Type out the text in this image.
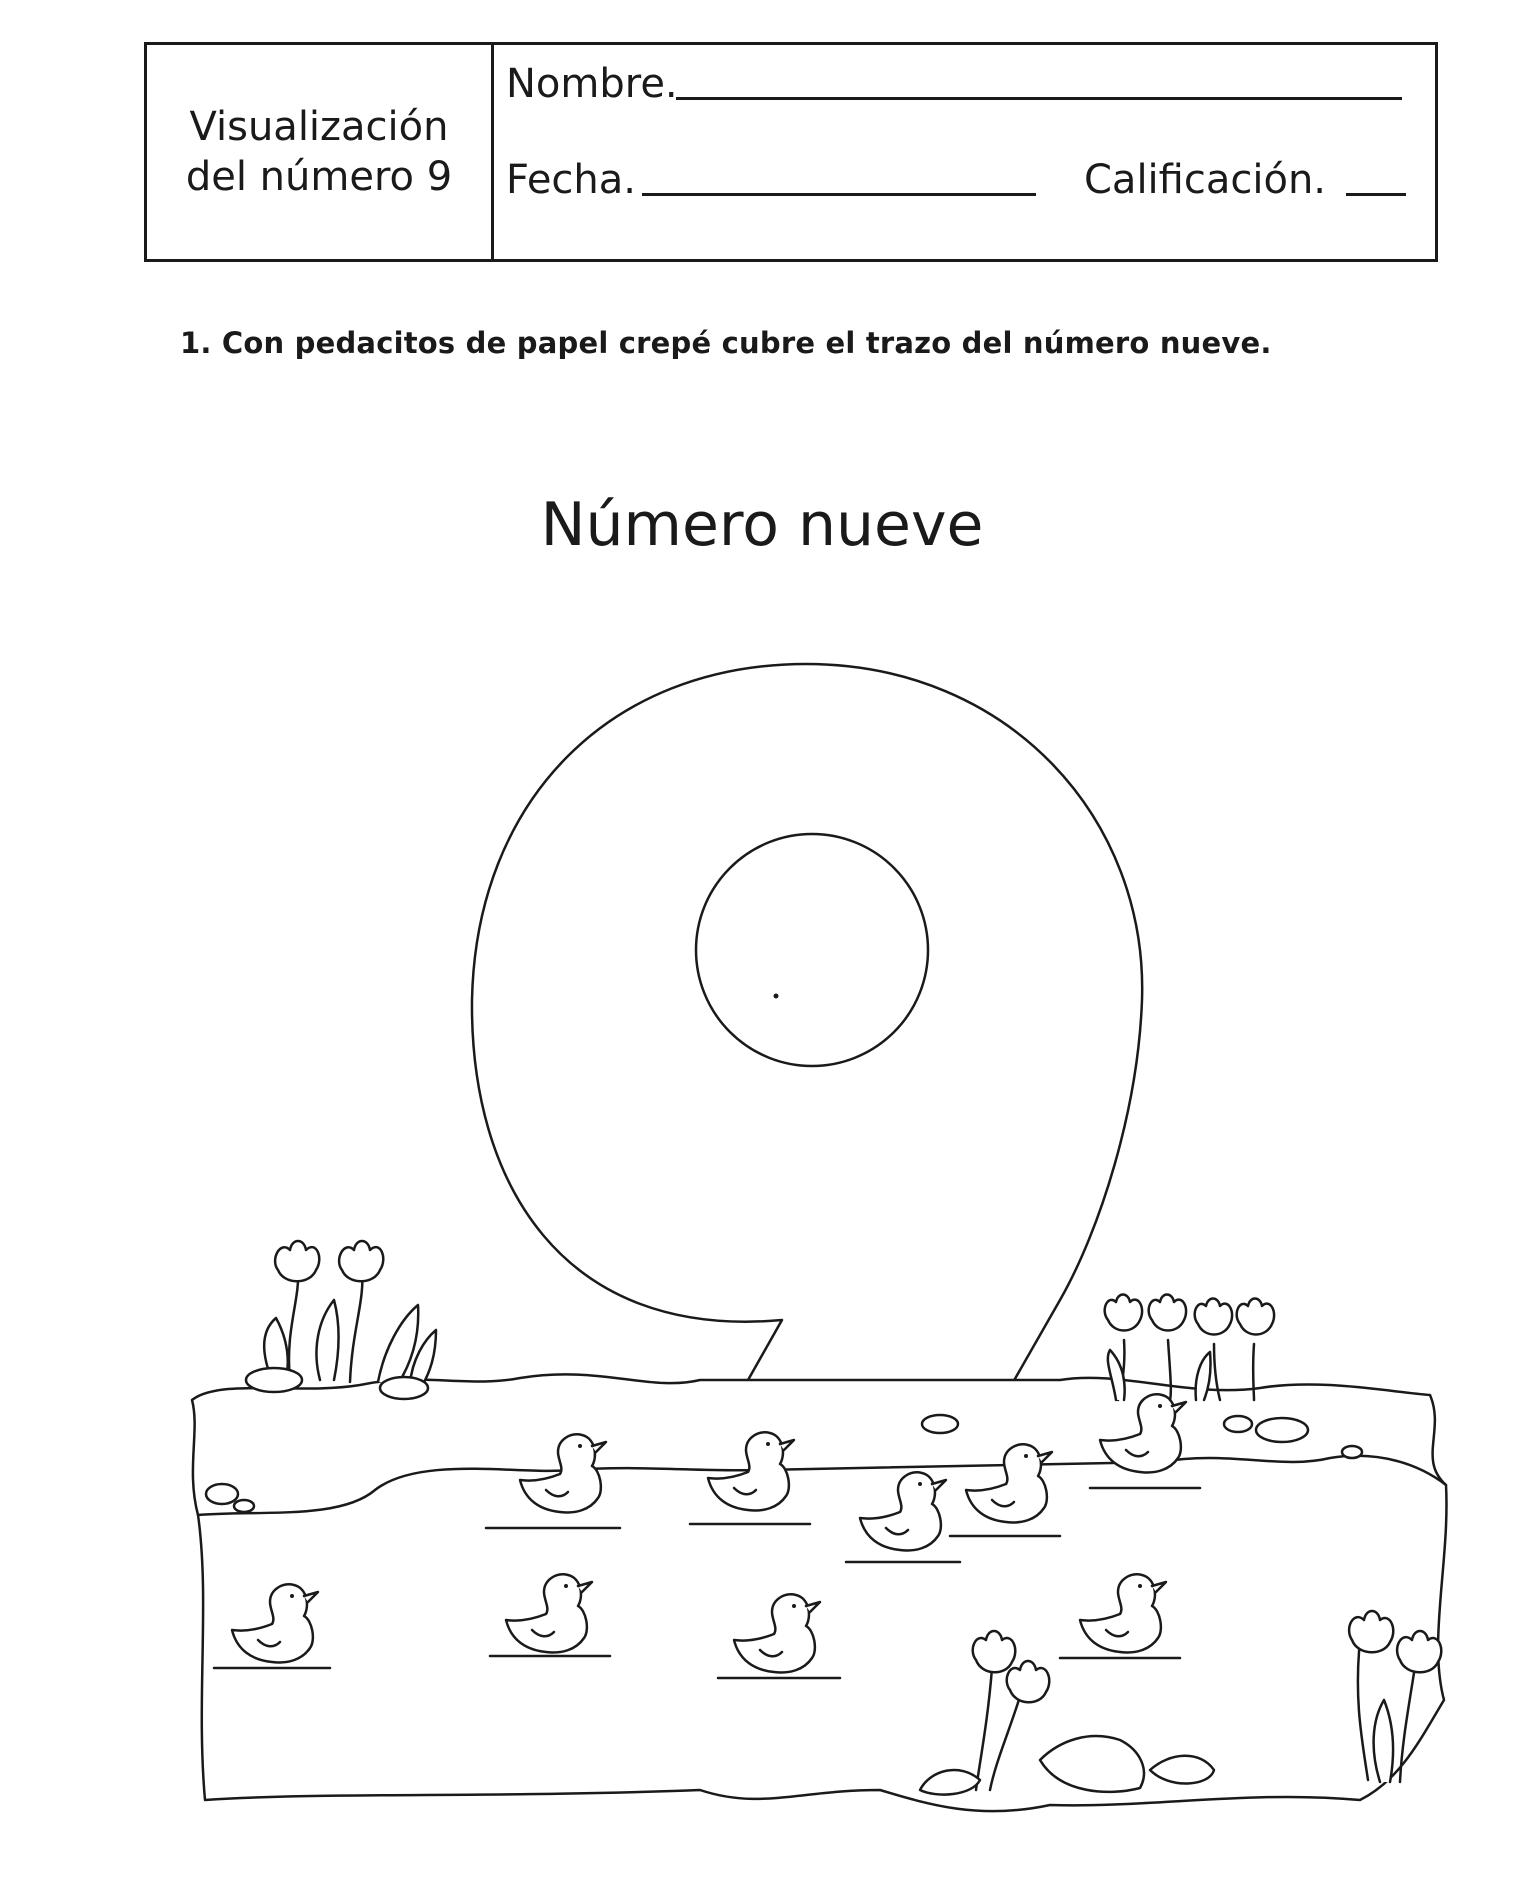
Visualización
del número 9
Nombre.
Fecha.	Calificación.
1. Con pedacitos de papel crepé cubre el trazo del número nueve.
Número nueve
